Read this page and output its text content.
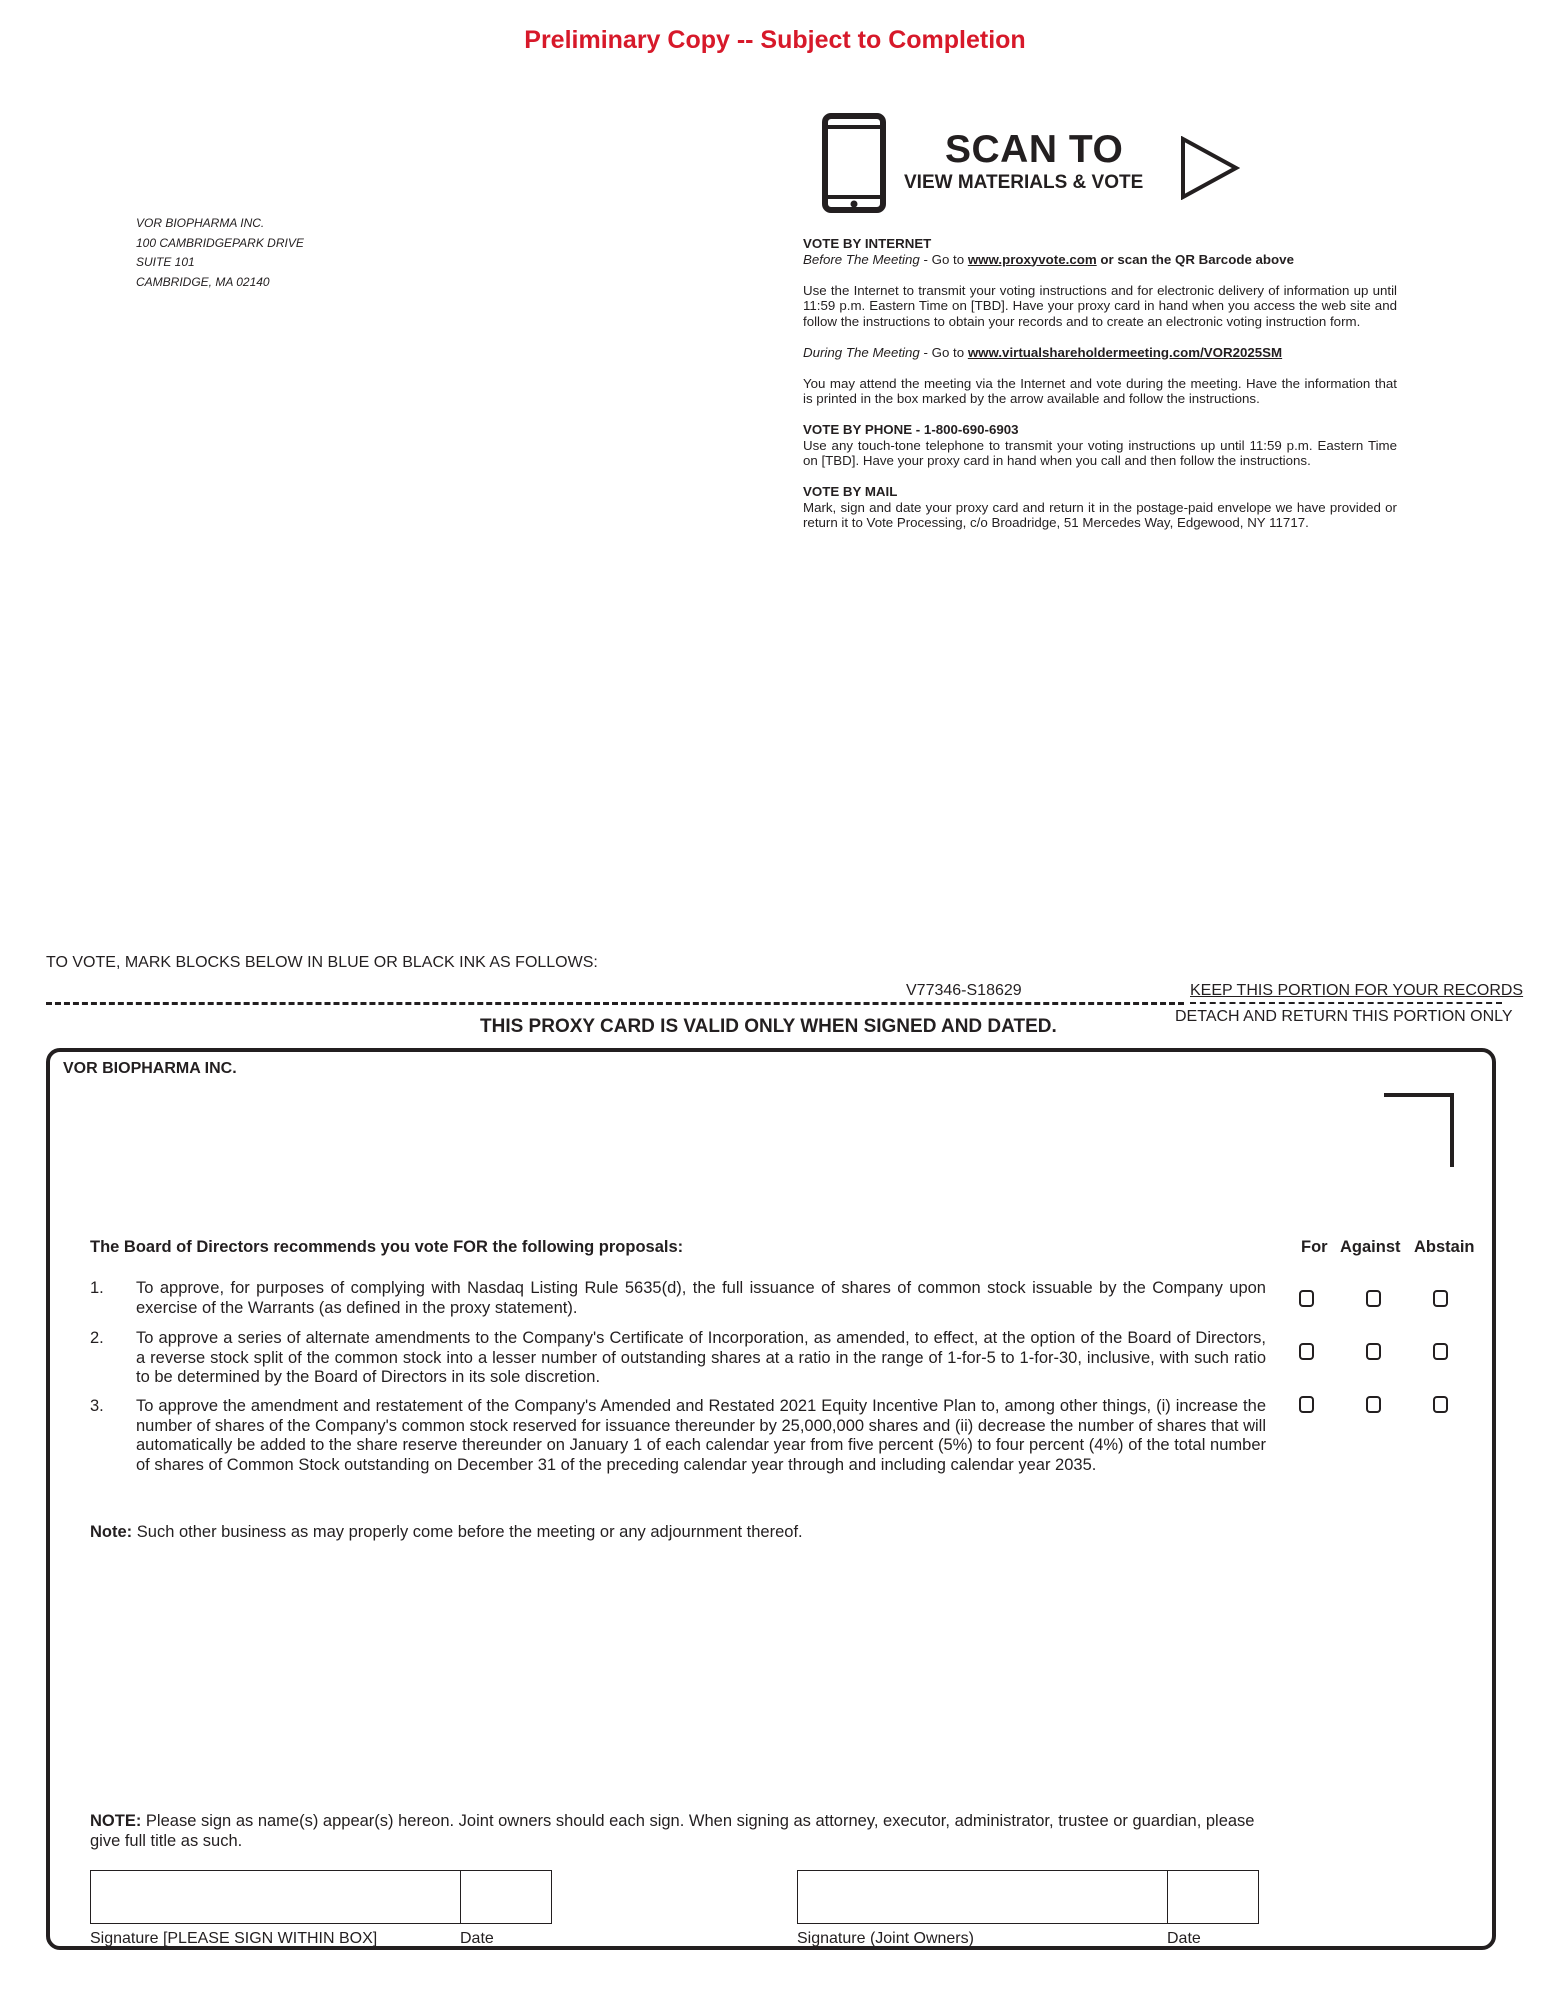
Preliminary Copy -- Subject to Completion
VOR BIOPHARMA INC.
100 CAMBRIDGEPARK DRIVE
SUITE 101
CAMBRIDGE, MA 02140
SCAN TO
VIEW MATERIALS & VOTE
VOTE BY INTERNET

Before The Meeting - Go to www.proxyvote.com or scan the QR Barcode above

Use the Internet to transmit your voting instructions and for electronic delivery of information up until 11:59 p.m. Eastern Time on [TBD]. Have your proxy card in hand when you access the web site and follow the instructions to obtain your records and to create an electronic voting instruction form.

During The Meeting - Go to www.virtualshareholdermeeting.com/VOR2025SM

You may attend the meeting via the Internet and vote during the meeting. Have the information that is printed in the box marked by the arrow available and follow the instructions.

VOTE BY PHONE - 1-800-690-6903

Use any touch-tone telephone to transmit your voting instructions up until 11:59 p.m. Eastern Time on [TBD]. Have your proxy card in hand when you call and then follow the instructions.

VOTE BY MAIL

Mark, sign and date your proxy card and return it in the postage-paid envelope we have provided or return it to Vote Processing, c/o Broadridge, 51 Mercedes Way, Edgewood, NY 11717.

TO VOTE, MARK BLOCKS BELOW IN BLUE OR BLACK INK AS FOLLOWS:
V77346-S18629	KEEP THIS PORTION FOR YOUR RECORDS
DETACH AND RETURN THIS PORTION ONLY
THIS PROXY CARD IS VALID ONLY WHEN SIGNED AND DATED.
VOR BIOPHARMA INC.
The Board of Directors recommends you vote FOR the following proposals:	For Against Abstain
1. To approve, for purposes of complying with Nasdaq Listing Rule 5635(d), the full issuance of shares of common stock issuable by the Company upon exercise of the Warrants (as defined in the proxy statement).
2. To approve a series of alternate amendments to the Company's Certificate of Incorporation, as amended, to effect, at the option of the Board of Directors, a reverse stock split of the common stock into a lesser number of outstanding shares at a ratio in the range of 1-for-5 to 1-for-30, inclusive, with such ratio to be determined by the Board of Directors in its sole discretion.
3. To approve the amendment and restatement of the Company's Amended and Restated 2021 Equity Incentive Plan to, among other things, (i) increase the number of shares of the Company's common stock reserved for issuance thereunder by 25,000,000 shares and (ii) decrease the number of shares that will automatically be added to the share reserve thereunder on January 1 of each calendar year from five percent (5%) to four percent (4%) of the total number of shares of Common Stock outstanding on December 31 of the preceding calendar year through and including calendar year 2035.
Note: Such other business as may properly come before the meeting or any adjournment thereof.
NOTE: Please sign as name(s) appear(s) hereon. Joint owners should each sign. When signing as attorney, executor, administrator, trustee or guardian, please give full title as such.
Signature [PLEASE SIGN WITHIN BOX]	Date	Signature (Joint Owners)	Date
